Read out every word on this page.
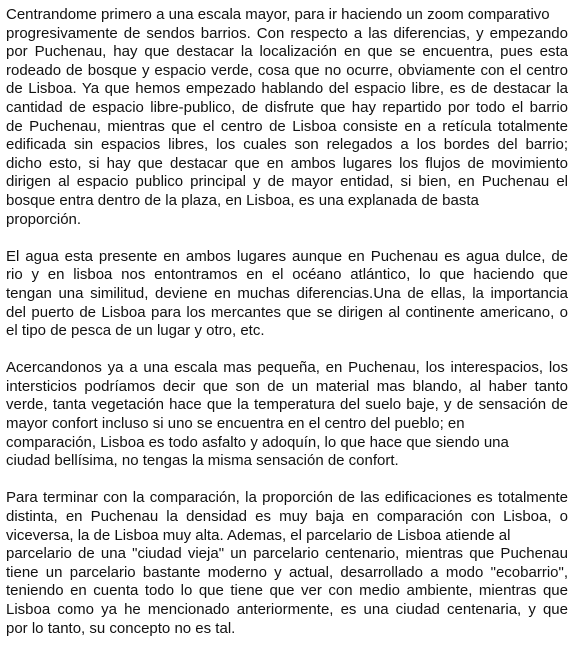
Centrandome primero a una escala mayor, para ir haciendo un zoom comparativo
progresivamente de sendos barrios. Con respecto a las diferencias, y empezando
por Puchenau, hay que destacar la localización en que se encuentra, pues esta
rodeado de bosque y espacio verde, cosa que no ocurre, obviamente con el centro
de Lisboa. Ya que hemos empezado hablando del espacio libre, es de destacar la
cantidad de espacio libre-publico, de disfrute que hay repartido por todo el barrio
de Puchenau, mientras que el centro de Lisboa consiste en a retícula totalmente
edificada sin espacios libres, los cuales son relegados a los bordes del barrio;
dicho esto, si hay que destacar que en ambos lugares los flujos de movimiento
dirigen al espacio publico principal y de mayor entidad, si bien, en Puchenau el
bosque entra dentro de la plaza, en Lisboa, es una explanada de basta
proporción.
El agua esta presente en ambos lugares aunque en Puchenau es agua dulce, de
rio y en lisboa nos entontramos en el océano atlántico, lo que haciendo que
tengan una similitud, deviene en muchas diferencias.Una de ellas, la importancia
del puerto de Lisboa para los mercantes que se dirigen al continente americano, o
el tipo de pesca de un lugar y otro, etc.
Acercandonos ya a una escala mas pequeña, en Puchenau, los interespacios, los
intersticios podríamos decir que son de un material mas blando, al haber tanto
verde, tanta vegetación hace que la temperatura del suelo baje, y de sensación de
mayor confort incluso si uno se encuentra en el centro del pueblo; en
comparación, Lisboa es todo asfalto y adoquín, lo que hace que siendo una
ciudad bellísima, no tengas la misma sensación de confort.
Para terminar con la comparación, la proporción de las edificaciones es totalmente
distinta, en Puchenau la densidad es muy baja en comparación con Lisboa, o
viceversa, la de Lisboa muy alta. Ademas, el parcelario de Lisboa atiende al
parcelario de una "ciudad vieja" un parcelario centenario, mientras que Puchenau
tiene un parcelario bastante moderno y actual, desarrollado a modo "ecobarrio",
teniendo en cuenta todo lo que tiene que ver con medio ambiente, mientras que
Lisboa como ya he mencionado anteriormente, es una ciudad centenaria, y que
por lo tanto, su concepto no es tal.
